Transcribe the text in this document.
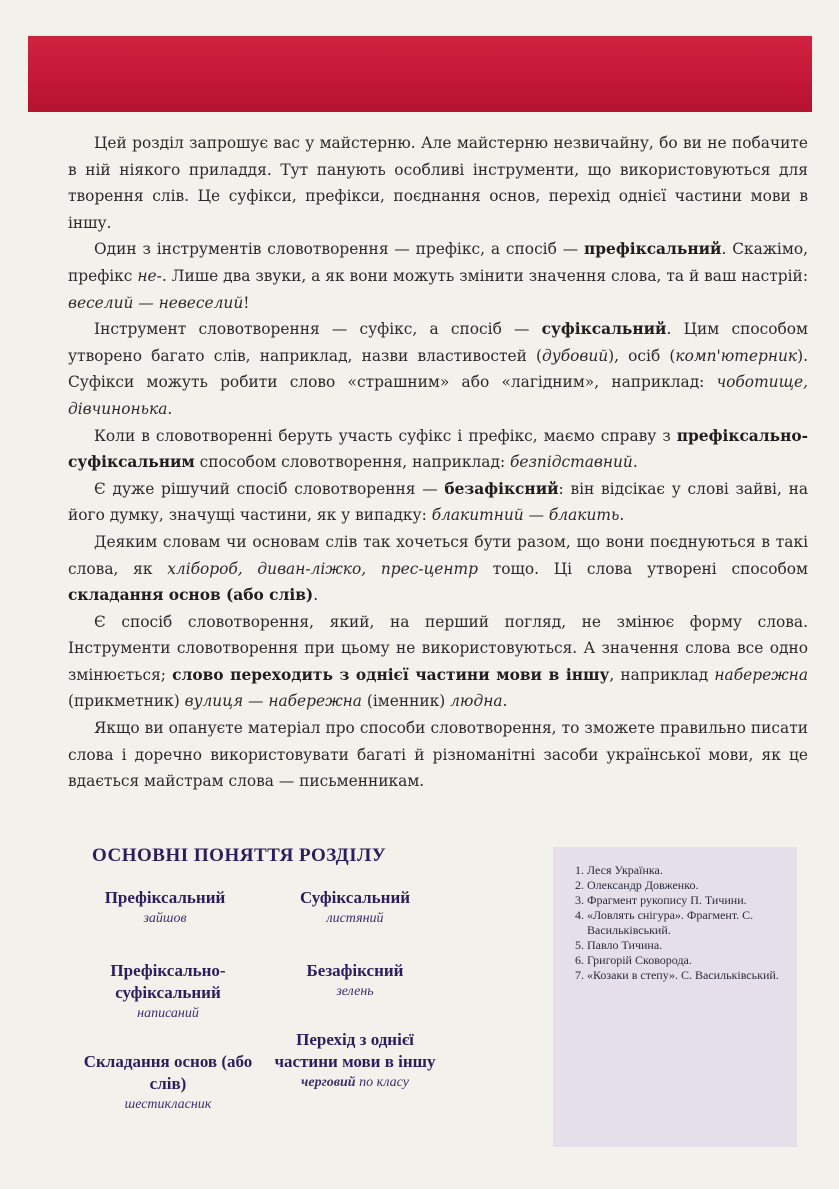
Цей розділ запрошує вас у майстерню. Але майстерню незвичайну, бо ви не побачите в ній ніякого приладдя. Тут панують особливі інструменти, що використовуються для творення слів. Це суфікси, префікси, поєднання основ, перехід однієї частини мови в іншу.

Один з інструментів словотворення — префікс, а спосіб — префіксальний. Скажімо, префікс не-. Лише два звуки, а як вони можуть змінити значення слова, та й ваш настрій: веселий — невеселий!

Інструмент словотворення — суфікс, а спосіб — суфіксальний. Цим способом утворено багато слів, наприклад, назви властивостей (дубовий), осіб (комп'ютерник). Суфікси можуть робити слово «страшним» або «лагідним», наприклад: чоботище, дівчинонька.

Коли в словотворенні беруть участь суфікс і префікс, маємо справу з префіксально-суфіксальним способом словотворення, наприклад: безпідставний.

Є дуже рішучий спосіб словотворення — безафіксний: він відсікає у слові зайві, на його думку, значущі частини, як у випадку: блакитний — блакить.

Деяким словам чи основам слів так хочеться бути разом, що вони поєднуються в такі слова, як хлібороб, диван-ліжко, прес-центр тощо. Ці слова утворені способом складання основ (або слів).

Є спосіб словотворення, який, на перший погляд, не змінює форму слова. Інструменти словотворення при цьому не використовуються. А значення слова все одно змінюється; слово переходить з однієї частини мови в іншу, наприклад набережна (прикметник) вулиця — набережна (іменник) людна.

Якщо ви опануєте матеріал про способи словотворення, то зможете правильно писати слова і доречно використовувати багаті й різноманітні засоби української мови, як це вдається майстрам слова — письменникам.

ОСНОВНІ ПОНЯТТЯ РОЗДІЛУ
Префіксальний
зайшов
Суфіксальний
листяний
Префіксально-суфіксальний
написаний
Безафіксний
зелень
Складання основ (або слів)
шестикласник
Перехід з однієї частини мови в іншу
черговий по класу
1. Леся Українка.
2. Олександр Довженко.
3. Фрагмент рукопису П. Тичини.
4. «Ловлять снігура». Фрагмент. С. Васильківський.
5. Павло Тичина.
6. Григорій Сковорода.
7. «Козаки в степу». С. Васильківський.
